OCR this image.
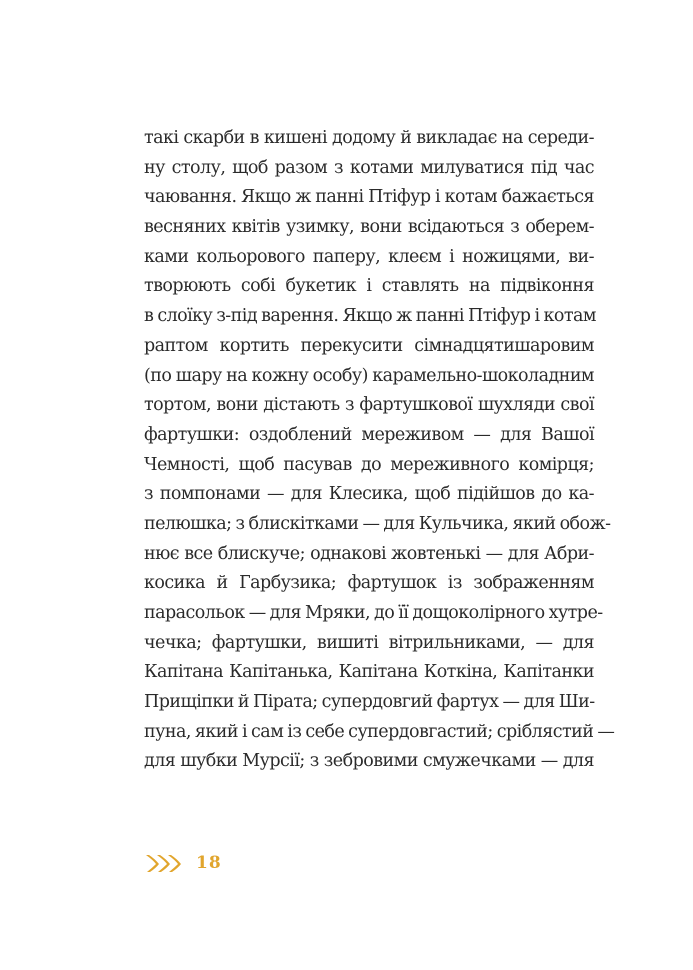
такі скарби в кишені додому й викладає на середи-
ну столу, щоб разом з котами милуватися під час
чаювання. Якщо ж панні Птіфур і котам бажається
весняних квітів узимку, вони всідаються з оберем-
ками кольорового паперу, клеєм і ножицями, ви-
творюють собі букетик і ставлять на підвіконня
в слоїку з-під варення. Якщо ж панні Птіфур і котам
раптом кортить перекусити сімнадцятишаровим
(по шару на кожну особу) карамельно-шоколадним
тортом, вони дістають з фартушкової шухляди свої
фартушки: оздоблений мереживом — для Вашої
Чемності, щоб пасував до мереживного комірця;
з помпонами — для Клесика, щоб підійшов до ка-
пелюшка; з блискітками — для Кульчика, який обож-
нює все блискуче; однакові жовтенькі — для Абри-
косика й Гарбузика; фартушок із зображенням
парасольок — для Мряки, до її дощоколірного хутре-
чечка; фартушки, вишиті вітрильниками, — для
Капітана Капітанька, Капітана Коткіна, Капітанки
Прищіпки й Пірата; супердовгий фартух — для Ши-
пуна, який і сам із себе супердовгастий; сріблястий —
для шубки Мурсії; з зебровими смужечками — для
18
